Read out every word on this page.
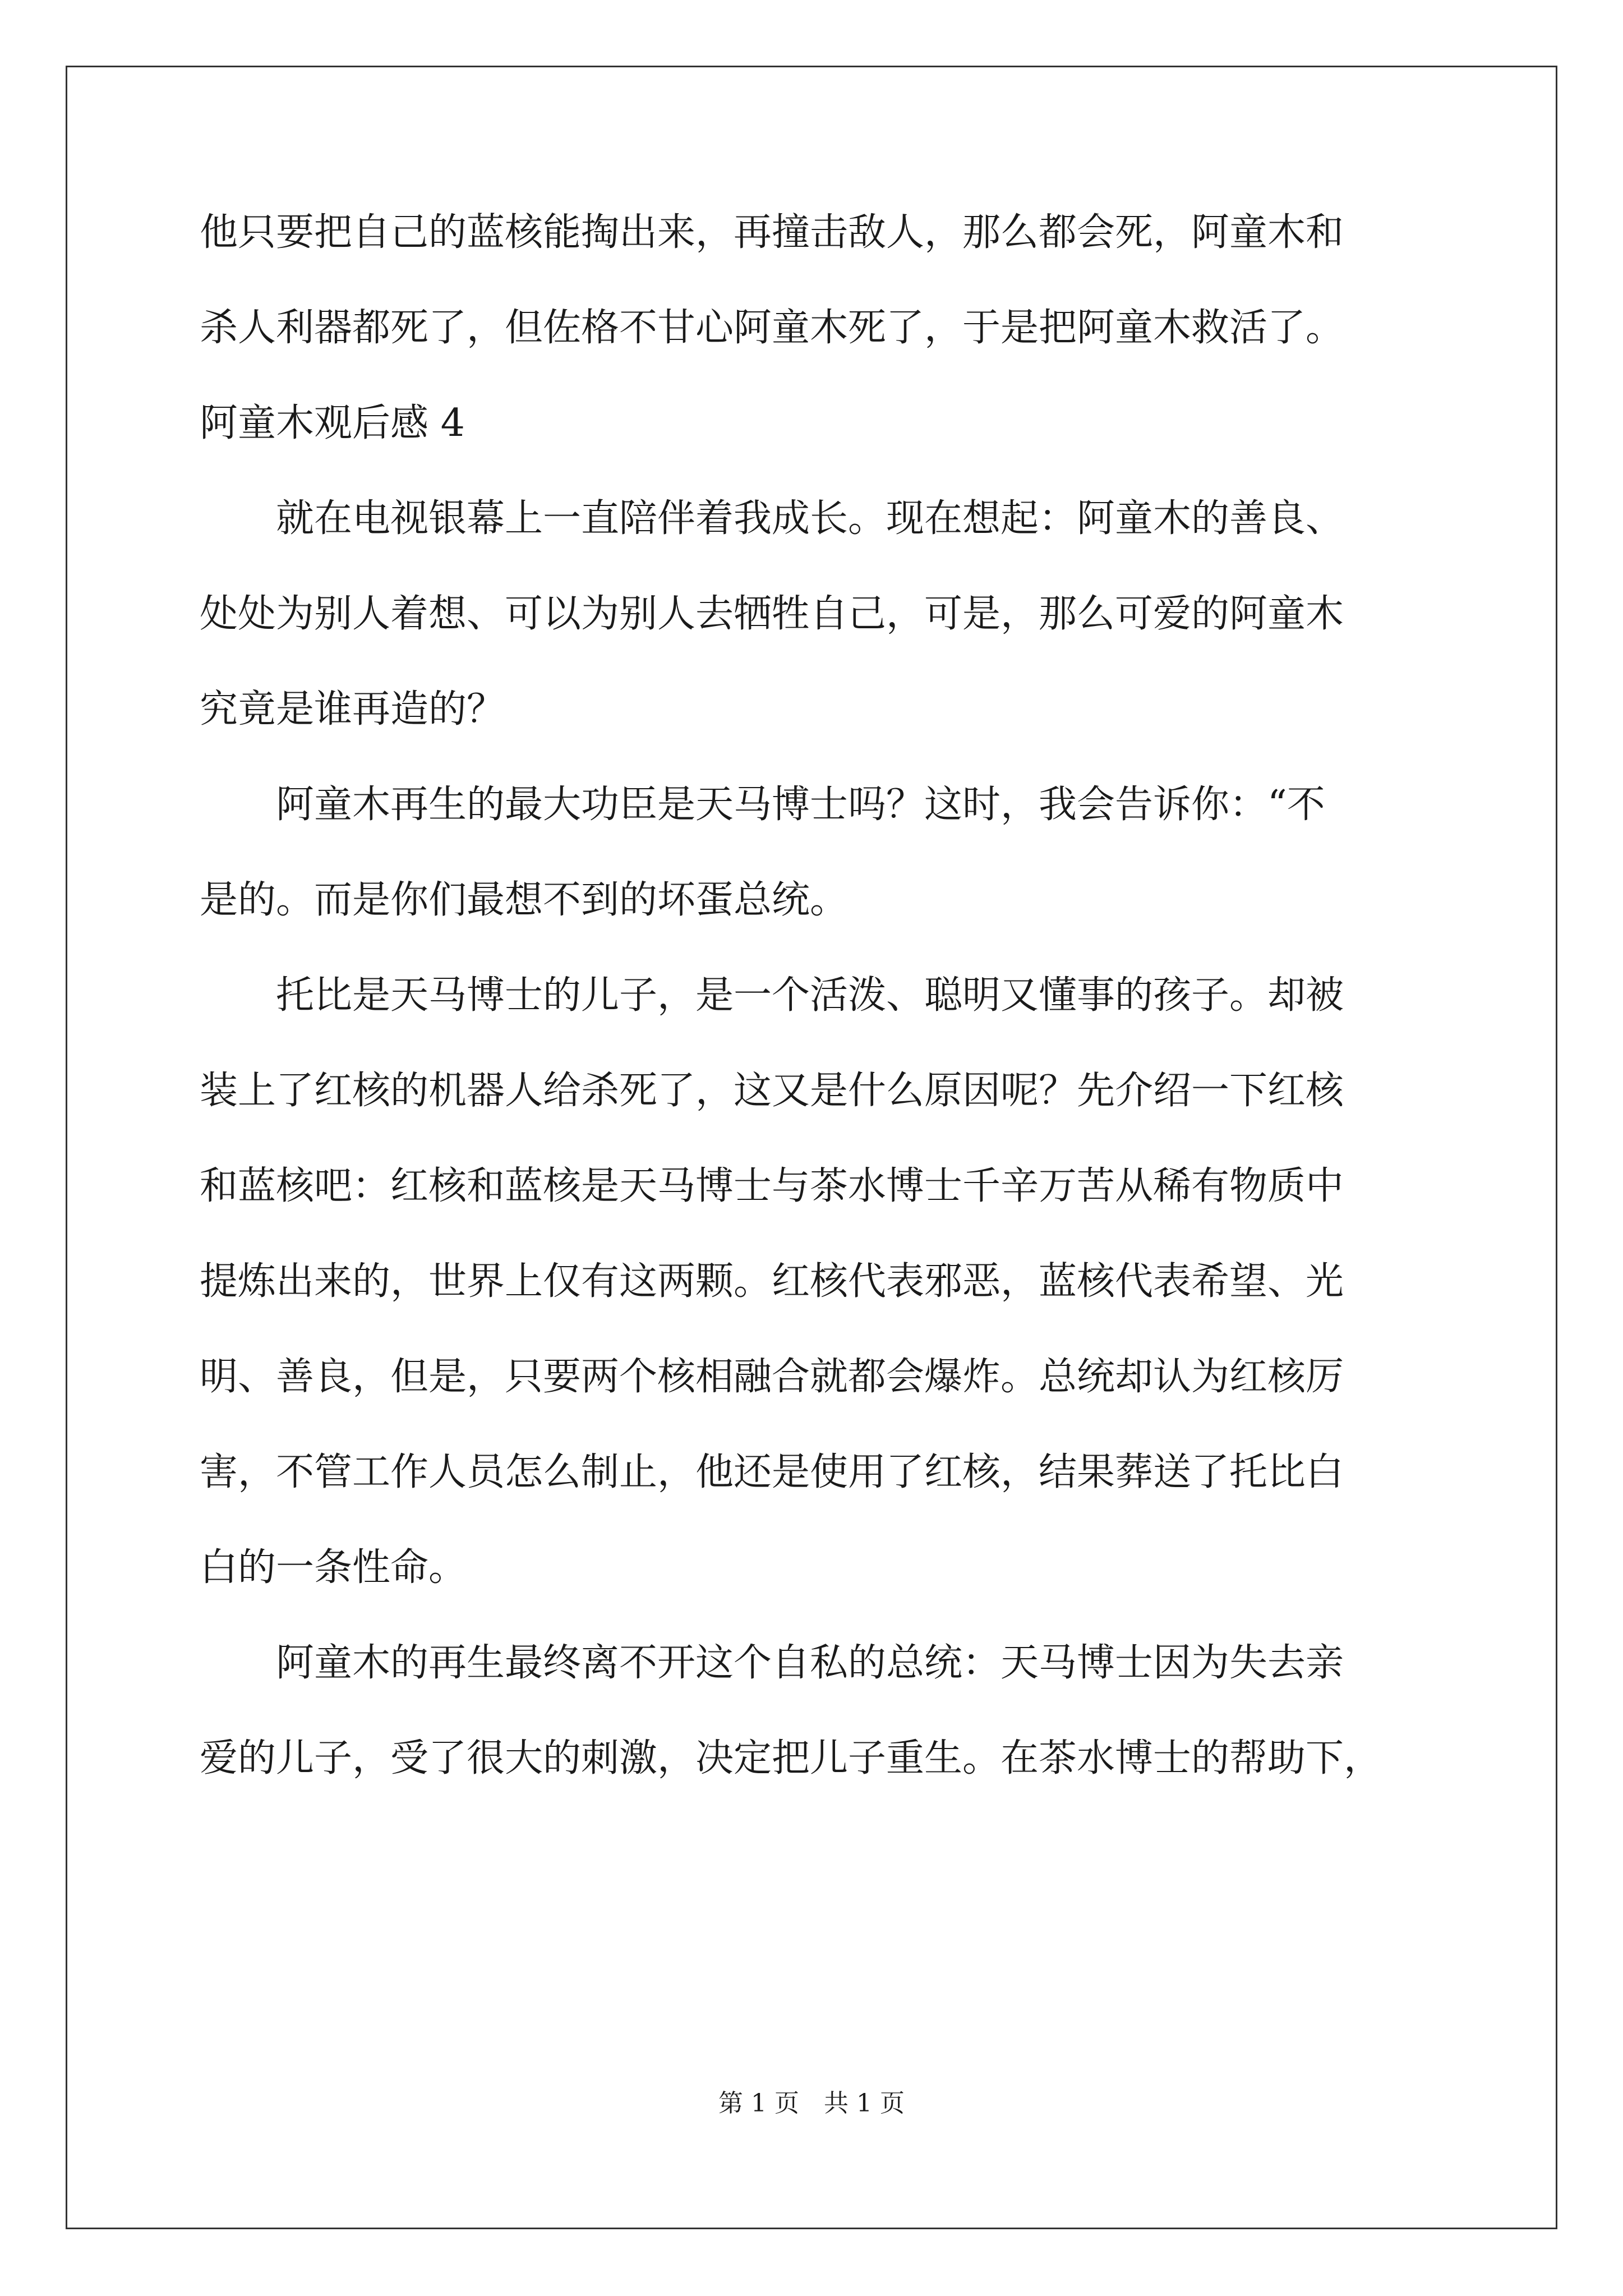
他只要把自己的蓝核能掏出来，再撞击敌人，那么都会死，阿童木和
杀人利器都死了，但佐格不甘心阿童木死了，于是把阿童木救活了。
阿童木观后感 4
　　就在电视银幕上一直陪伴着我成长。现在想起：阿童木的善良、
处处为别人着想、可以为别人去牺牲自己，可是，那么可爱的阿童木
究竟是谁再造的？
　　阿童木再生的最大功臣是天马博士吗？这时，我会告诉你：“不
是的。而是你们最想不到的坏蛋总统。
　　托比是天马博士的儿子，是一个活泼、聪明又懂事的孩子。却被
装上了红核的机器人给杀死了，这又是什么原因呢？先介绍一下红核
和蓝核吧：红核和蓝核是天马博士与茶水博士千辛万苦从稀有物质中
提炼出来的，世界上仅有这两颗。红核代表邪恶，蓝核代表希望、光
明、善良，但是，只要两个核相融合就都会爆炸。总统却认为红核厉
害，不管工作人员怎么制止，他还是使用了红核，结果葬送了托比白
白的一条性命。
　　阿童木的再生最终离不开这个自私的总统：天马博士因为失去亲
爱的儿子，受了很大的刺激，决定把儿子重生。在茶水博士的帮助下，
第 1 页　共 1 页
